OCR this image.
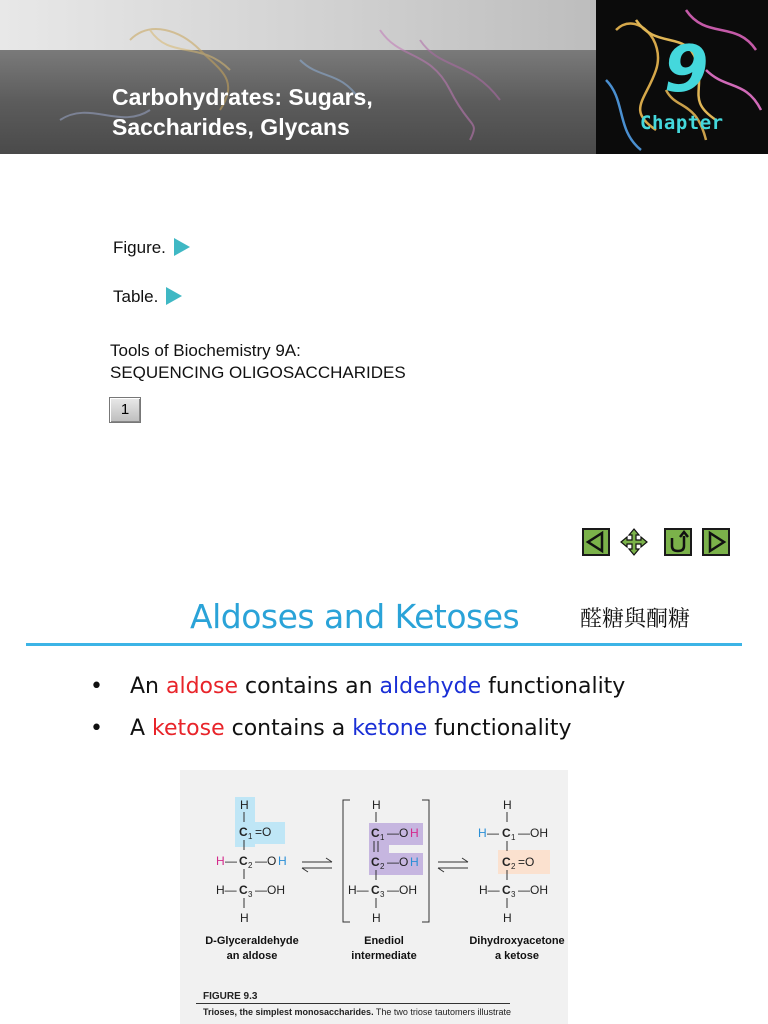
9
Chapter
Carbohydrates: Sugars,
Saccharides, Glycans
Figure.
Table.
Tools of Biochemistry 9A:
SEQUENCING OLIGOSACCHARIDES
1
Aldoses and Ketoses	醛糖與酮糖
• An aldose contains an aldehyde functionality
• A ketose contains a ketone functionality
H
C 1 =O
H — C 2 —O H
H— C 3 —OH
H
H
C 1 —O H
C 2 —O H
H— C 3 —OH
H
H
H — C 1 —OH
C 2 =O
H— C 3 —OH
H
D-Glyceraldehyde
an aldose
Enediol
intermediate
Dihydroxyacetone
a ketose
FIGURE 9.3
Trioses, the simplest monosaccharides. The two triose tautomers illustrate
